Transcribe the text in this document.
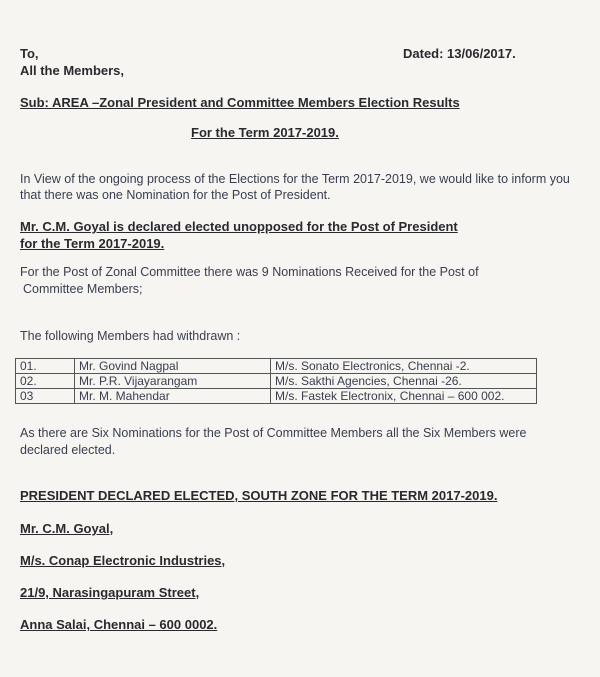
To,
All the Members,
Dated: 13/06/2017.
Sub: AREA –Zonal President and Committee Members Election Results
For the Term 2017-2019.
In View of the ongoing process of the Elections for the Term 2017-2019, we would like to inform you that there was one Nomination for the Post of President.
Mr. C.M. Goyal is declared elected unopposed for the Post of President
for the Term 2017-2019.
For the Post of Zonal Committee there was 9 Nominations Received for the Post of
Committee Members;
The following Members had withdrawn :
01.	Mr. Govind Nagpal	M/s. Sonato Electronics, Chennai -2.
02.	Mr. P.R. Vijayarangam	M/s. Sakthi Agencies, Chennai -26.
03	Mr. M. Mahendar	M/s. Fastek Electronix, Chennai – 600 002.
As there are Six Nominations for the Post of Committee Members all the Six Members were
declared elected.
PRESIDENT DECLARED ELECTED, SOUTH ZONE FOR THE TERM 2017-2019.
Mr. C.M. Goyal,
M/s. Conap Electronic Industries,
21/9, Narasingapuram Street,
Anna Salai, Chennai – 600 0002.
